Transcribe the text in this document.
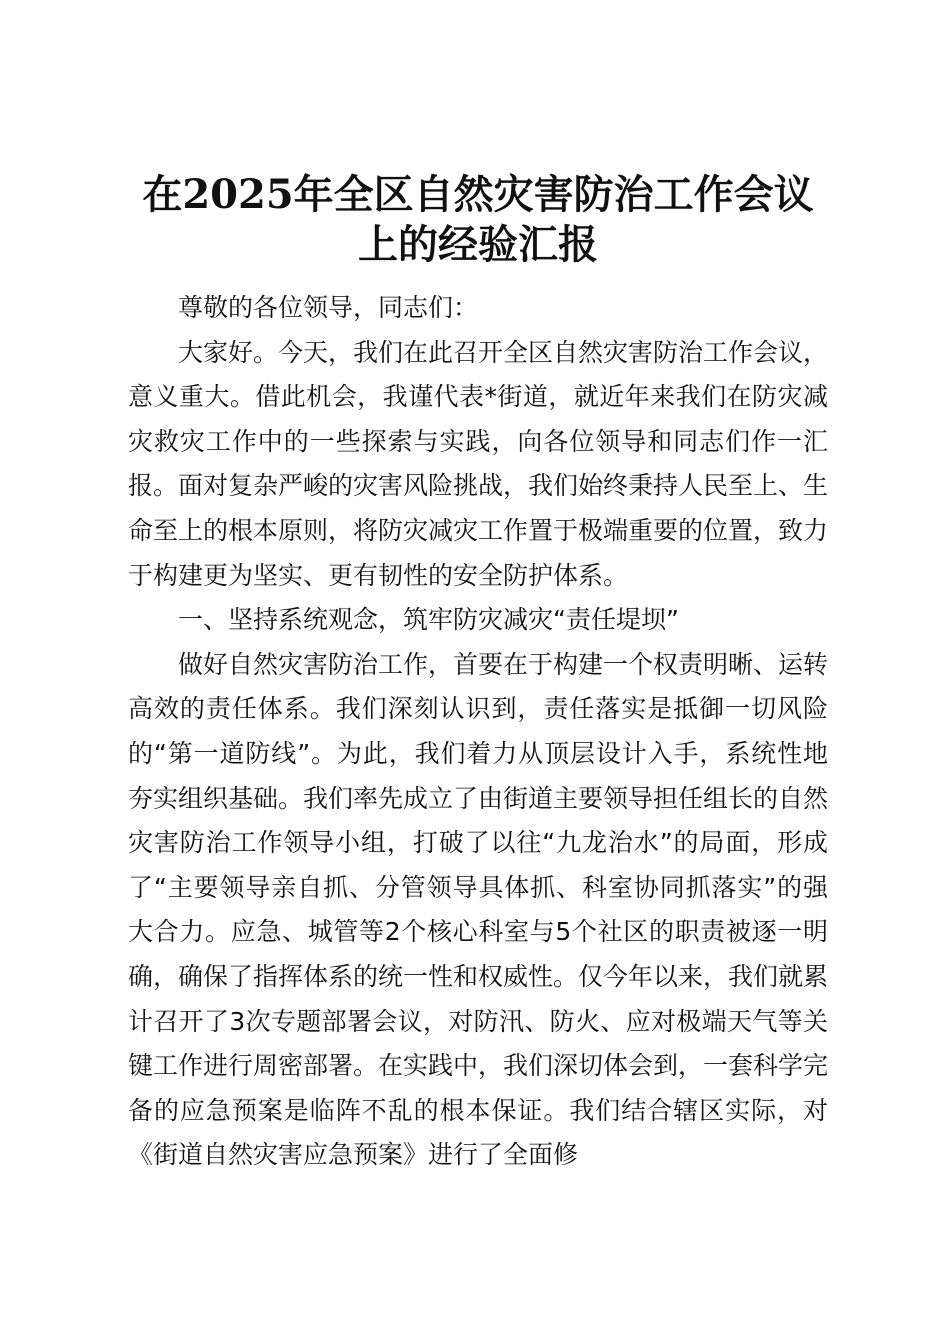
在2025年全区自然灾害防治工作会议
上的经验汇报

尊敬的各位领导，同志们：

大家好。今天，我们在此召开全区自然灾害防治工作会议，意义重大。借此机会，我谨代表*街道，就近年来我们在防灾减灾救灾工作中的一些探索与实践，向各位领导和同志们作一汇报。面对复杂严峻的灾害风险挑战，我们始终秉持人民至上、生命至上的根本原则，将防灾减灾工作置于极端重要的位置，致力于构建更为坚实、更有韧性的安全防护体系。

一、坚持系统观念，筑牢防灾减灾“责任堤坝”

做好自然灾害防治工作，首要在于构建一个权责明晰、运转高效的责任体系。我们深刻认识到，责任落实是抵御一切风险的“第一道防线”。为此，我们着力从顶层设计入手，系统性地夯实组织基础。我们率先成立了由街道主要领导担任组长的自然灾害防治工作领导小组，打破了以往“九龙治水”的局面，形成了“主要领导亲自抓、分管领导具体抓、科室协同抓落实”的强大合力。应急、城管等2个核心科室与5个社区的职责被逐一明确，确保了指挥体系的统一性和权威性。仅今年以来，我们就累计召开了3次专题部署会议，对防汛、防火、应对极端天气等关键工作进行周密部署。在实践中，我们深切体会到，一套科学完备的应急预案是临阵不乱的根本保证。我们结合辖区实际，对《街道自然灾害应急预案》进行了全面修
